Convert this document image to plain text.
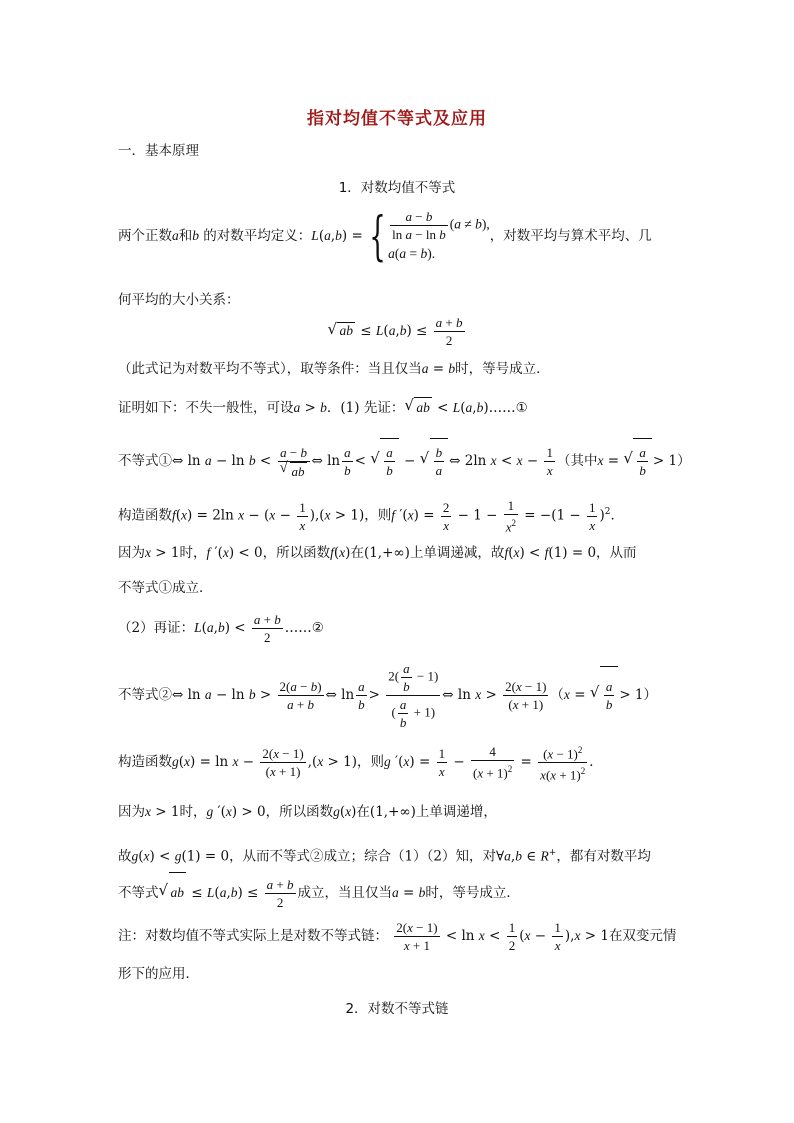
指对均值不等式及应用
一．基本原理
1．对数均值不等式
两个正数a和b 的对数平均定义：L(a,b) = { $\frac{a - b}{\text{ln a − ln b}} (a \ne b)$,
a(a = b).
，对数平均与算术平均、几
何平均的大小关系：
√ ab ≤ $L(a,b) \le \frac{a + b}{2}$
（此式记为对数平均不等式），取等条件：当且仅当a = b时，等号成立．
证明如下：不失一般性，可设a > b．(1) 先证： √ ab < L(a,b)……①
不等式①⇔ ln a − ln b < a − b
√ ab ⇔ $\ln \frac{a}{b}$ < √ $\frac{a}{b}$ − √ $\frac{b}{a}$ ⇔ 2ln $x < x - \frac{1}{x}$ （其中x = √ $\frac{a}{b} > 1$）
构造函数f(x) = 2ln $x - (x - \frac{1}{x} ),(x > 1)$，则f $'(x) = \frac{2}{x} - 1 - \frac{1}{x^2} = -(1 - \frac{1}{x} )^2$．
因为x > 1时，f ′(x) < 0，所以函数f(x)在(1,+∞)上单调递减，故f(x) < f(1) = 0，从而
不等式①成立．
（2）再证：$L(a,b) < \frac{a + b}{2}$ ……②
不等式②⇔ $\ln a - \ln b > \frac{2(a - b)}{a + b}$ ⇔ $\ln \frac{a}{b} > \frac{2( \frac{a}{b} - 1)}{( \frac{a}{b} + 1)}$ ⇔ $\ln x > \frac{2(x - 1)}{(x + 1)} (x$ = √ $\frac{a}{b} > 1$）
构造函数$g(x) = \ln x - \frac{2(x - 1)}{(x + 1)} ,(x > 1)$，则g $'(x) = \frac{1}{x} - \frac{4}{(x + 1)^2} = \frac{(x - 1)^2}{x(x + 1)^2}$ ．
因为x > 1时，g ′(x) > 0，所以函数g(x)在(1,+∞)上单调递增，
故g(x) < g(1) = 0，从而不等式②成立；综合（1）（2）知，对∀a,b ∈ R+，都有对数平均
不等式 √ ab ≤ $L(a,b) \le \frac{a + b}{2}$ 成立，当且仅当a = b时，等号成立．
注：对数均值不等式实际上是对数不等式链： $\frac{2(x - 1)}{x + 1} < \ln x < \frac{1}{2} (x - \frac{1}{x} ),x > 1$在双变元情
形下的应用．
2．对数不等式链
